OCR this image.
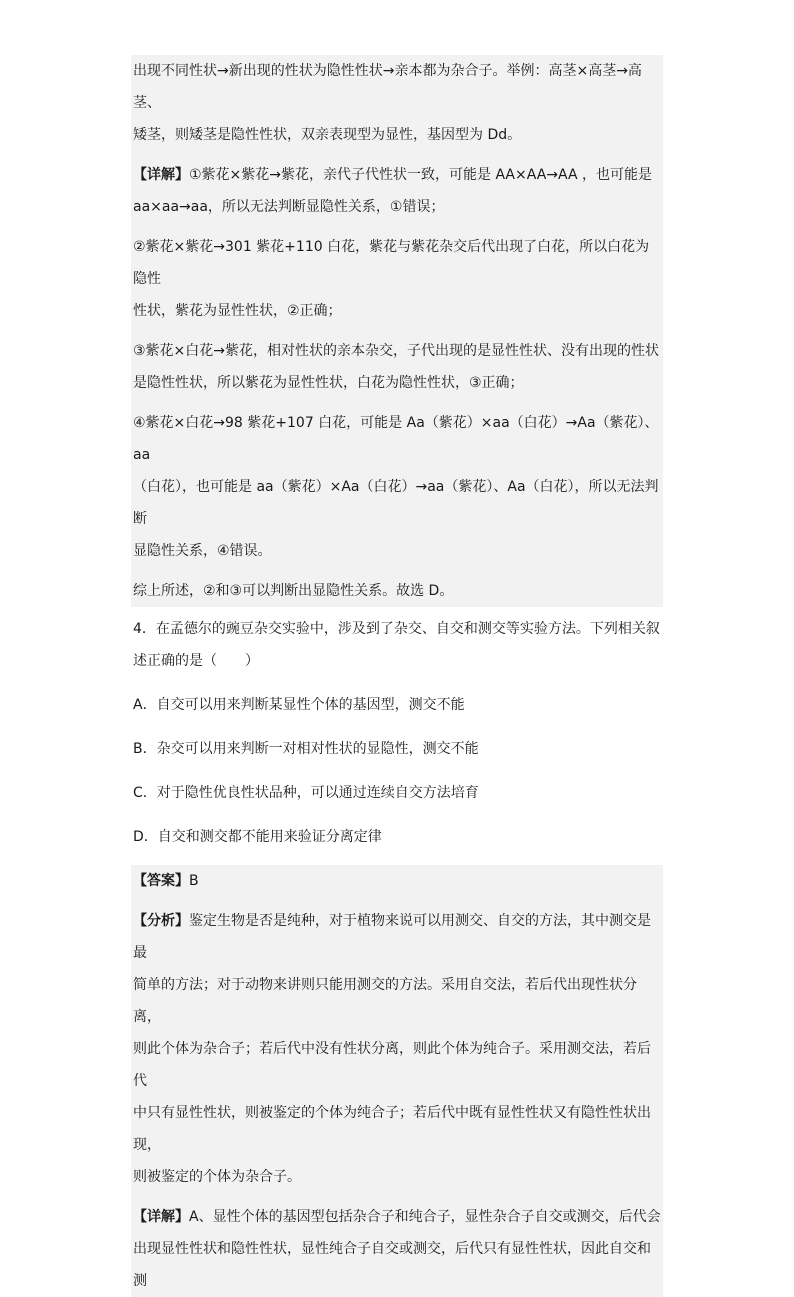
出现不同性状→新出现的性状为隐性性状→亲本都为杂合子。举例：高茎×高茎→高茎、

矮茎，则矮茎是隐性性状，双亲表现型为显性，基因型为 Dd。

【详解】①紫花×紫花→紫花，亲代子代性状一致，可能是 AA×AA→AA ，也可能是

aa×aa→aa，所以无法判断显隐性关系，①错误；

②紫花×紫花→301 紫花+110 白花，紫花与紫花杂交后代出现了白花，所以白花为隐性

性状，紫花为显性性状，②正确；

③紫花×白花→紫花，相对性状的亲本杂交，子代出现的是显性性状、没有出现的性状

是隐性性状，所以紫花为显性性状，白花为隐性性状，③正确；

④紫花×白花→98 紫花+107 白花，可能是 Aa（紫花）×aa（白花）→Aa（紫花）、aa

（白花），也可能是 aa（紫花）×Aa（白花）→aa（紫花）、Aa（白花），所以无法判断

显隐性关系，④错误。

综上所述，②和③可以判断出显隐性关系。故选 D。

4．在孟德尔的豌豆杂交实验中，涉及到了杂交、自交和测交等实验方法。下列相关叙

述正确的是（　　）

A．自交可以用来判断某显性个体的基因型，测交不能

B．杂交可以用来判断一对相对性状的显隐性，测交不能

C．对于隐性优良性状品种，可以通过连续自交方法培育

D．自交和测交都不能用来验证分离定律

【答案】B

【分析】鉴定生物是否是纯种，对于植物来说可以用测交、自交的方法，其中测交是最

简单的方法；对于动物来讲则只能用测交的方法。采用自交法，若后代出现性状分离，

则此个体为杂合子；若后代中没有性状分离，则此个体为纯合子。采用测交法，若后代

中只有显性性状，则被鉴定的个体为纯合子；若后代中既有显性性状又有隐性性状出现，

则被鉴定的个体为杂合子。

【详解】A、显性个体的基因型包括杂合子和纯合子，显性杂合子自交或测交，后代会

出现显性性状和隐性性状，显性纯合子自交或测交，后代只有显性性状，因此自交和测
